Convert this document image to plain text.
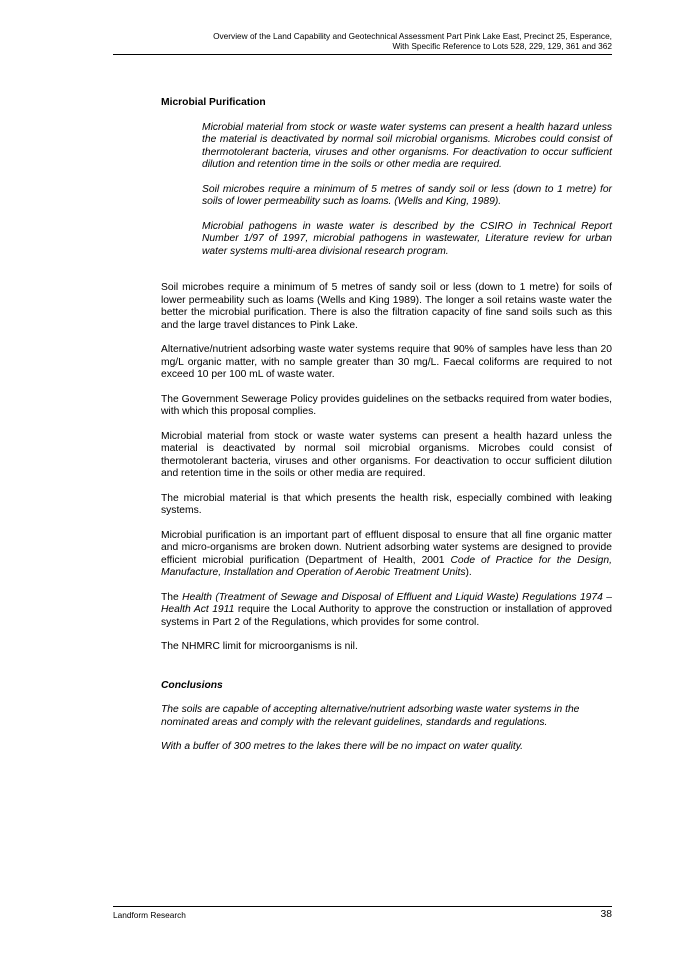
Overview of the Land Capability and Geotechnical Assessment Part Pink Lake East, Precinct 25, Esperance,
With Specific Reference to Lots 528, 229, 129, 361 and 362
Microbial Purification

Microbial material from stock or waste water systems can present a health hazard unless the material is deactivated by normal soil microbial organisms. Microbes could consist of thermotolerant bacteria, viruses and other organisms. For deactivation to occur sufficient dilution and retention time in the soils or other media are required.

Soil microbes require a minimum of 5 metres of sandy soil or less (down to 1 metre) for soils of lower permeability such as loams. (Wells and King, 1989).

Microbial pathogens in waste water is described by the CSIRO in Technical Report Number 1/97 of 1997, microbial pathogens in wastewater, Literature review for urban water systems multi-area divisional research program.

Soil microbes require a minimum of 5 metres of sandy soil or less (down to 1 metre) for soils of lower permeability such as loams (Wells and King 1989). The longer a soil retains waste water the better the microbial purification. There is also the filtration capacity of fine sand soils such as this and the large travel distances to Pink Lake.

Alternative/nutrient adsorbing waste water systems require that 90% of samples have less than 20 mg/L organic matter, with no sample greater than 30 mg/L. Faecal coliforms are required to not exceed 10 per 100 mL of waste water.

The Government Sewerage Policy provides guidelines on the setbacks required from water bodies, with which this proposal complies.

Microbial material from stock or waste water systems can present a health hazard unless the material is deactivated by normal soil microbial organisms. Microbes could consist of thermotolerant bacteria, viruses and other organisms. For deactivation to occur sufficient dilution and retention time in the soils or other media are required.

The microbial material is that which presents the health risk, especially combined with leaking systems.

Microbial purification is an important part of effluent disposal to ensure that all fine organic matter and micro-organisms are broken down. Nutrient adsorbing water systems are designed to provide efficient microbial purification (Department of Health, 2001 Code of Practice for the Design, Manufacture, Installation and Operation of Aerobic Treatment Units).

The Health (Treatment of Sewage and Disposal of Effluent and Liquid Waste) Regulations 1974 – Health Act 1911 require the Local Authority to approve the construction or installation of approved systems in Part 2 of the Regulations, which provides for some control.

The NHMRC limit for microorganisms is nil.

Conclusions

The soils are capable of accepting alternative/nutrient adsorbing waste water systems in the nominated areas and comply with the relevant guidelines, standards and regulations.

With a buffer of 300 metres to the lakes there will be no impact on water quality.

Landform Research	38
